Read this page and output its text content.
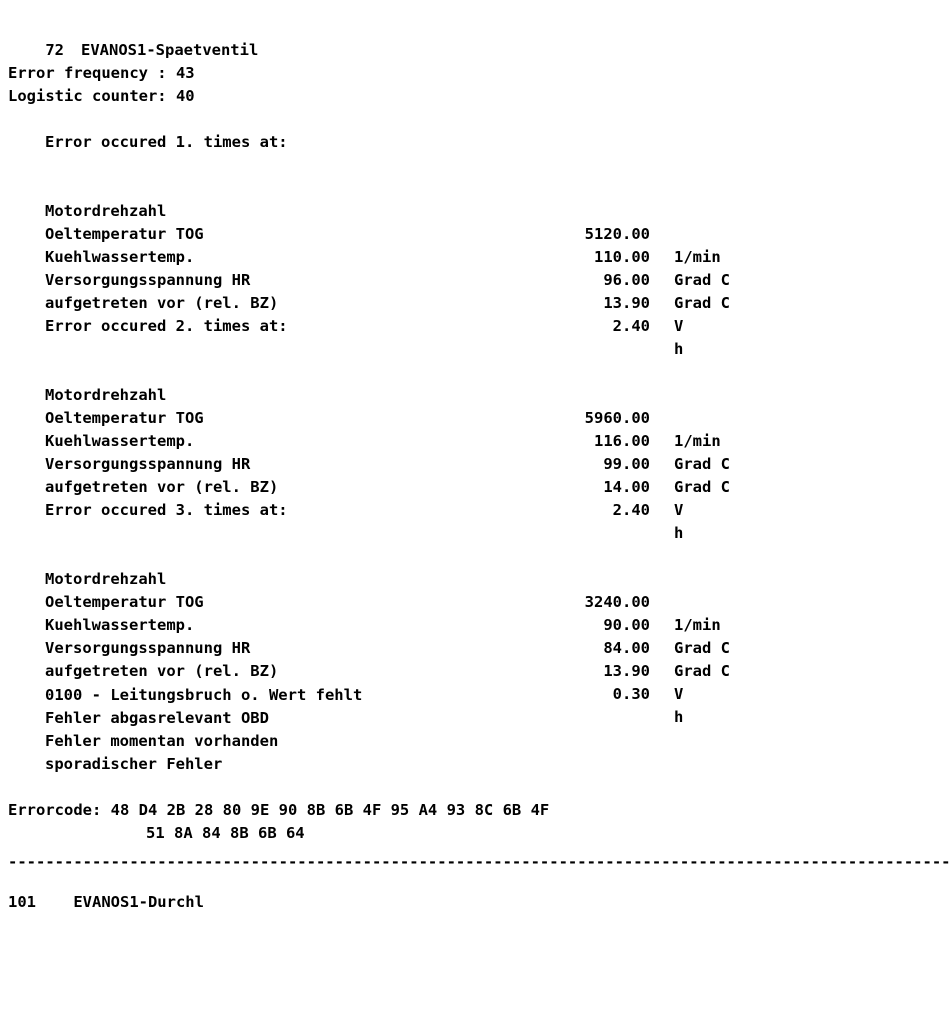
72 EVANOS1-Spaetventil

Error frequency : 43

Logistic counter: 40

Error occured 1. times at:

Motordrehzahl

5120.00

1/min

Oeltemperatur TOG

110.00

Grad C

Kuehlwassertemp.

96.00

Grad C

Versorgungsspannung HR

13.90

V

aufgetreten vor (rel. BZ)

2.40

h

Error occured 2. times at:

Motordrehzahl

5960.00

1/min

Oeltemperatur TOG

116.00

Grad C

Kuehlwassertemp.

99.00

Grad C

Versorgungsspannung HR

14.00

V

aufgetreten vor (rel. BZ)

2.40

h

Error occured 3. times at:

Motordrehzahl

3240.00

1/min

Oeltemperatur TOG

90.00

Grad C

Kuehlwassertemp.

84.00

Grad C

Versorgungsspannung HR

13.90

V

aufgetreten vor (rel. BZ)

0.30

h

0100 - Leitungsbruch o. Wert fehlt

Fehler abgasrelevant OBD

Fehler momentan vorhanden

sporadischer Fehler

Errorcode: 48 D4 2B 28 80 9E 90 8B 6B 4F 95 A4 93 8C 6B 4F

51 8A 84 8B 6B 64

-----------------------------------------------------------------------------------------------------

101    EVANOS1-Durchl
